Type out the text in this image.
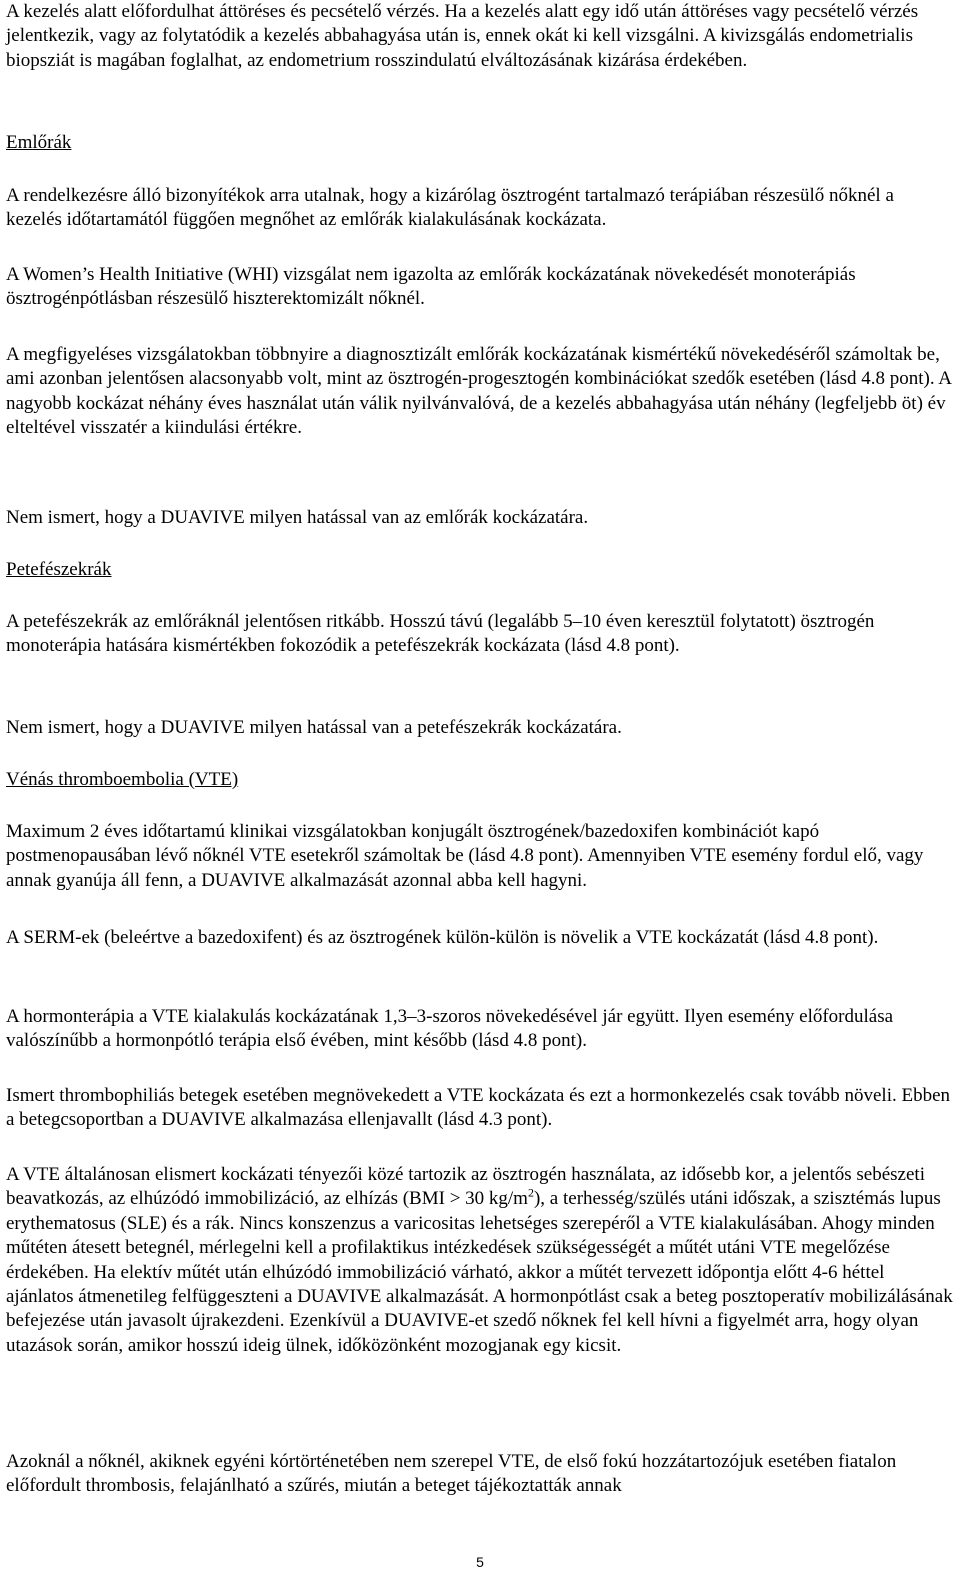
A kezelés alatt előfordulhat áttöréses és pecsételő vérzés. Ha a kezelés alatt egy idő után áttöréses vagy pecsételő vérzés jelentkezik, vagy az folytatódik a kezelés abbahagyása után is, ennek okát ki kell vizsgálni. A kivizsgálás endometrialis biopsziát is magában foglalhat, az endometrium rosszindulatú elváltozásának kizárása érdekében.

Emlőrák

A rendelkezésre álló bizonyítékok arra utalnak, hogy a kizárólag ösztrogént tartalmazó terápiában részesülő nőknél a kezelés időtartamától függően megnőhet az emlőrák kialakulásának kockázata.

A Women’s Health Initiative (WHI) vizsgálat nem igazolta az emlőrák kockázatának növekedését monoterápiás ösztrogénpótlásban részesülő hiszterektomizált nőknél.

A megfigyeléses vizsgálatokban többnyire a diagnosztizált emlőrák kockázatának kismértékű növekedéséről számoltak be, ami azonban jelentősen alacsonyabb volt, mint az ösztrogén-progesztogén kombinációkat szedők esetében (lásd 4.8 pont). A nagyobb kockázat néhány éves használat után válik nyilvánvalóvá, de a kezelés abbahagyása után néhány (legfeljebb öt) év elteltével visszatér a kiindulási értékre.

Nem ismert, hogy a DUAVIVE milyen hatással van az emlőrák kockázatára.

Petefészekrák

A petefészekrák az emlőráknál jelentősen ritkább. Hosszú távú (legalább 5–10 éven keresztül folytatott) ösztrogén monoterápia hatására kismértékben fokozódik a petefészekrák kockázata (lásd 4.8 pont).

Nem ismert, hogy a DUAVIVE milyen hatással van a petefészekrák kockázatára.

Vénás thromboembolia (VTE)

Maximum 2 éves időtartamú klinikai vizsgálatokban konjugált ösztrogének/bazedoxifen kombinációt kapó postmenopausában lévő nőknél VTE esetekről számoltak be (lásd 4.8 pont). Amennyiben VTE esemény fordul elő, vagy annak gyanúja áll fenn, a DUAVIVE alkalmazását azonnal abba kell hagyni.

A SERM-ek (beleértve a bazedoxifent) és az ösztrogének külön-külön is növelik a VTE kockázatát (lásd 4.8 pont).

A hormonterápia a VTE kialakulás kockázatának 1,3–3-szoros növekedésével jár együtt. Ilyen esemény előfordulása valószínűbb a hormonpótló terápia első évében, mint később (lásd 4.8 pont).

Ismert thrombophiliás betegek esetében megnövekedett a VTE kockázata és ezt a hormonkezelés csak tovább növeli. Ebben a betegcsoportban a DUAVIVE alkalmazása ellenjavallt (lásd 4.3 pont).

A VTE általánosan elismert kockázati tényezői közé tartozik az ösztrogén használata, az idősebb kor, a jelentős sebészeti beavatkozás, az elhúzódó immobilizáció, az elhízás (BMI > 30 $kg/m^2$), a terhesség/szülés utáni időszak, a szisztémás lupus erythematosus (SLE) és a rák. Nincs konszenzus a varicositas lehetséges szerepéről a VTE kialakulásában. Ahogy minden műtéten átesett betegnél, mérlegelni kell a profilaktikus intézkedések szükségességét a műtét utáni VTE megelőzése érdekében. Ha elektív műtét után elhúzódó immobilizáció várható, akkor a műtét tervezett időpontja előtt 4-6 héttel ajánlatos átmenetileg felfüggeszteni a DUAVIVE alkalmazását. A hormonpótlást csak a beteg posztoperatív mobilizálásának befejezése után javasolt újrakezdeni. Ezenkívül a DUAVIVE-et szedő nőknek fel kell hívni a figyelmét arra, hogy olyan utazások során, amikor hosszú ideig ülnek, időközönként mozogjanak egy kicsit.

Azoknál a nőknél, akiknek egyéni kórtörténetében nem szerepel VTE, de első fokú hozzátartozójuk esetében fiatalon előfordult thrombosis, felajánlható a szűrés, miután a beteget tájékoztatták annak

5
